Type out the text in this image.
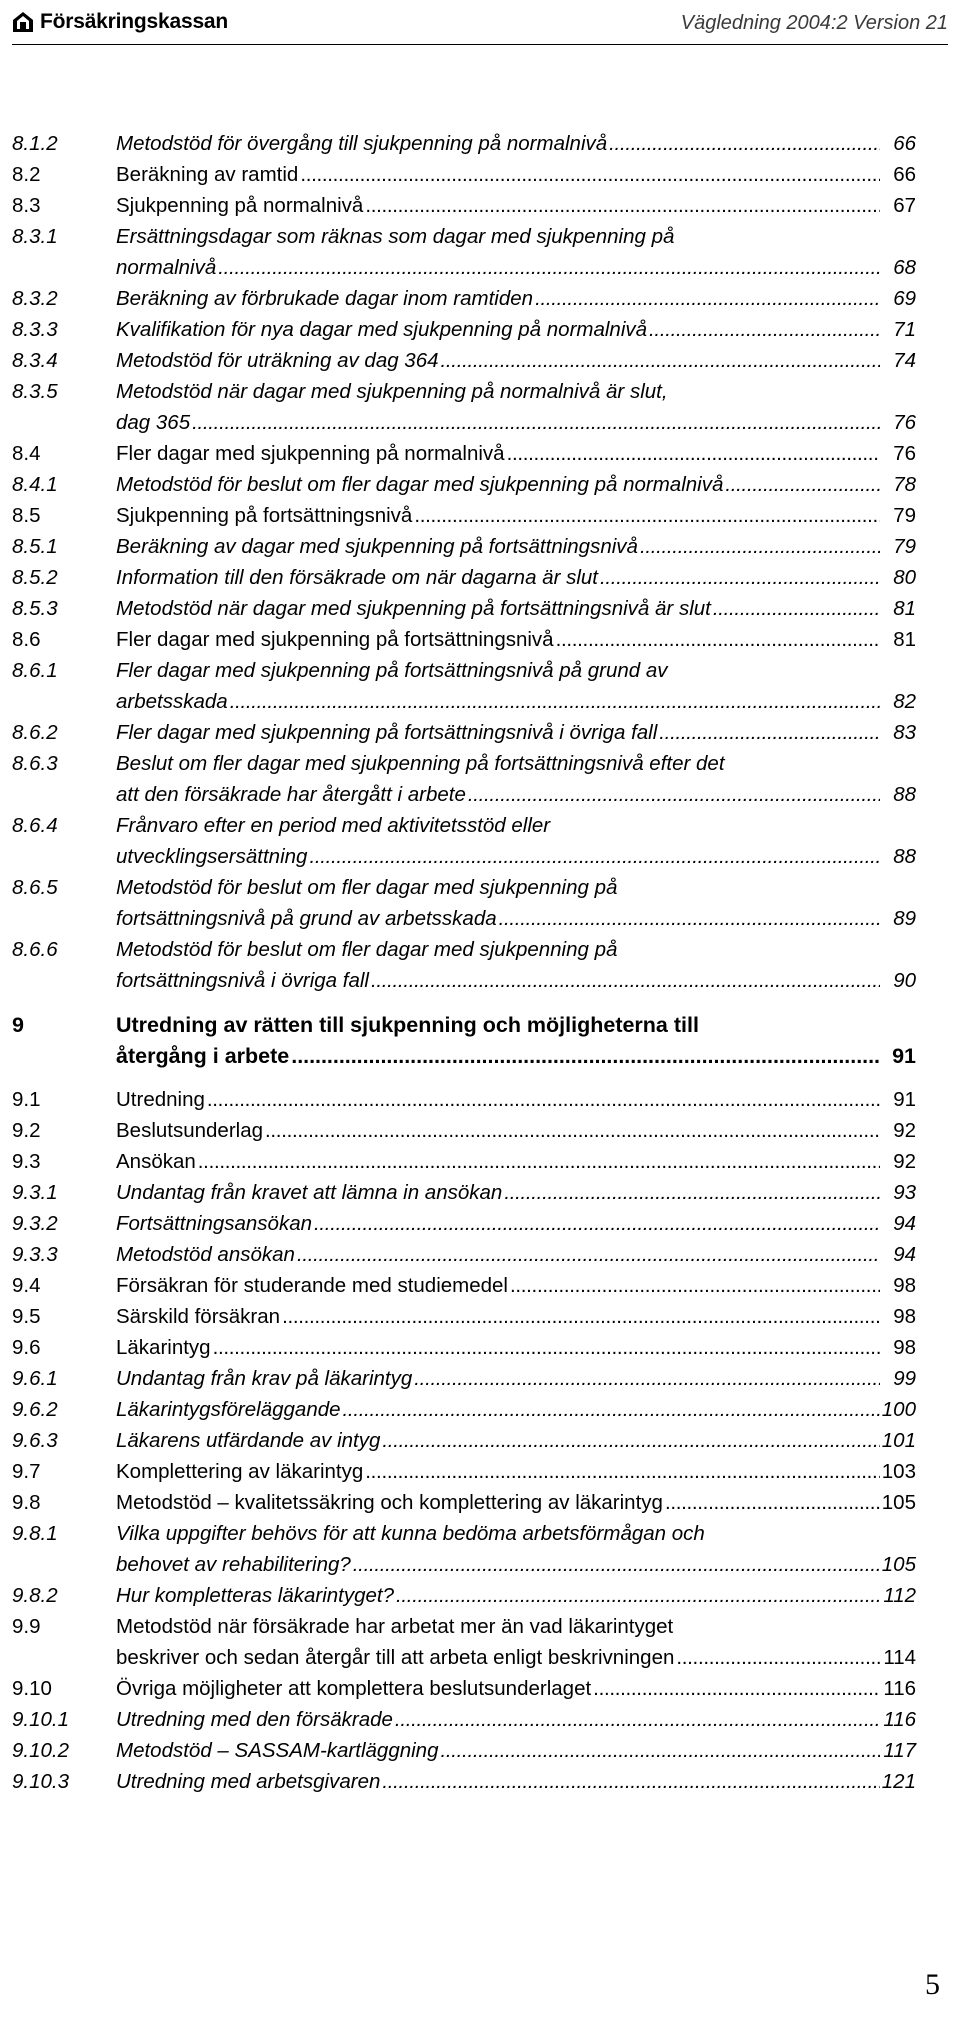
Försäkringskassan	Vägledning 2004:2 Version 21
8.1.2	Metodstöd för övergång till sjukpenning på normalnivå . . .	66
8.2	Beräkning av ramtid . . .	66
8.3	Sjukpenning på normalnivå . . .	67
8.3.1	Ersättningsdagar som räknas som dagar med sjukpenning på
normalnivå . . .	68
8.3.2	Beräkning av förbrukade dagar inom ramtiden . . .	69
8.3.3	Kvalifikation för nya dagar med sjukpenning på normalnivå . . .	71
8.3.4	Metodstöd för uträkning av dag 364 . . .	74
8.3.5	Metodstöd när dagar med sjukpenning på normalnivå är slut,
dag 365 . . .	76
8.4	Fler dagar med sjukpenning på normalnivå . . .	76
8.4.1	Metodstöd för beslut om fler dagar med sjukpenning på normalnivå . . .	78
8.5	Sjukpenning på fortsättningsnivå . . .	79
8.5.1	Beräkning av dagar med sjukpenning på fortsättningsnivå . . .	79
8.5.2	Information till den försäkrade om när dagarna är slut . . .	80
8.5.3	Metodstöd när dagar med sjukpenning på fortsättningsnivå är slut . . .	81
8.6	Fler dagar med sjukpenning på fortsättningsnivå . . .	81
8.6.1	Fler dagar med sjukpenning på fortsättningsnivå på grund av
arbetsskada . . .	82
8.6.2	Fler dagar med sjukpenning på fortsättningsnivå i övriga fall . . .	83
8.6.3	Beslut om fler dagar med sjukpenning på fortsättningsnivå efter det
att den försäkrade har återgått i arbete . . .	88
8.6.4	Frånvaro efter en period med aktivitetsstöd eller
utvecklingsersättning . . .	88
8.6.5	Metodstöd för beslut om fler dagar med sjukpenning på
fortsättningsnivå på grund av arbetsskada . . .	89
8.6.6	Metodstöd för beslut om fler dagar med sjukpenning på
fortsättningsnivå i övriga fall . . .	90
9	Utredning av rätten till sjukpenning och möjligheterna till
återgång i arbete . . .	91
9.1	Utredning . . .	91
9.2	Beslutsunderlag . . .	92
9.3	Ansökan . . .	92
9.3.1	Undantag från kravet att lämna in ansökan . . .	93
9.3.2	Fortsättningsansökan . . .	94
9.3.3	Metodstöd ansökan . . .	94
9.4	Försäkran för studerande med studiemedel . . .	98
9.5	Särskild försäkran . . .	98
9.6	Läkarintyg . . .	98
9.6.1	Undantag från krav på läkarintyg . . .	99
9.6.2	Läkarintygsföreläggande . . .	100
9.6.3	Läkarens utfärdande av intyg . . .	101
9.7	Komplettering av läkarintyg . . .	103
9.8	Metodstöd – kvalitetssäkring och komplettering av läkarintyg . . .	105
9.8.1	Vilka uppgifter behövs för att kunna bedöma arbetsförmågan och
behovet av rehabilitering? . . .	105
9.8.2	Hur kompletteras läkarintyget? . . .	112
9.9	Metodstöd när försäkrade har arbetat mer än vad läkarintyget
beskriver och sedan återgår till att arbeta enligt beskrivningen . . .	114
9.10	Övriga möjligheter att komplettera beslutsunderlaget . . .	116
9.10.1 Utredning med den försäkrade . . .	116
9.10.2 Metodstöd – SASSAM-kartläggning . . .	117
9.10.3 Utredning med arbetsgivaren . . .	121
5
